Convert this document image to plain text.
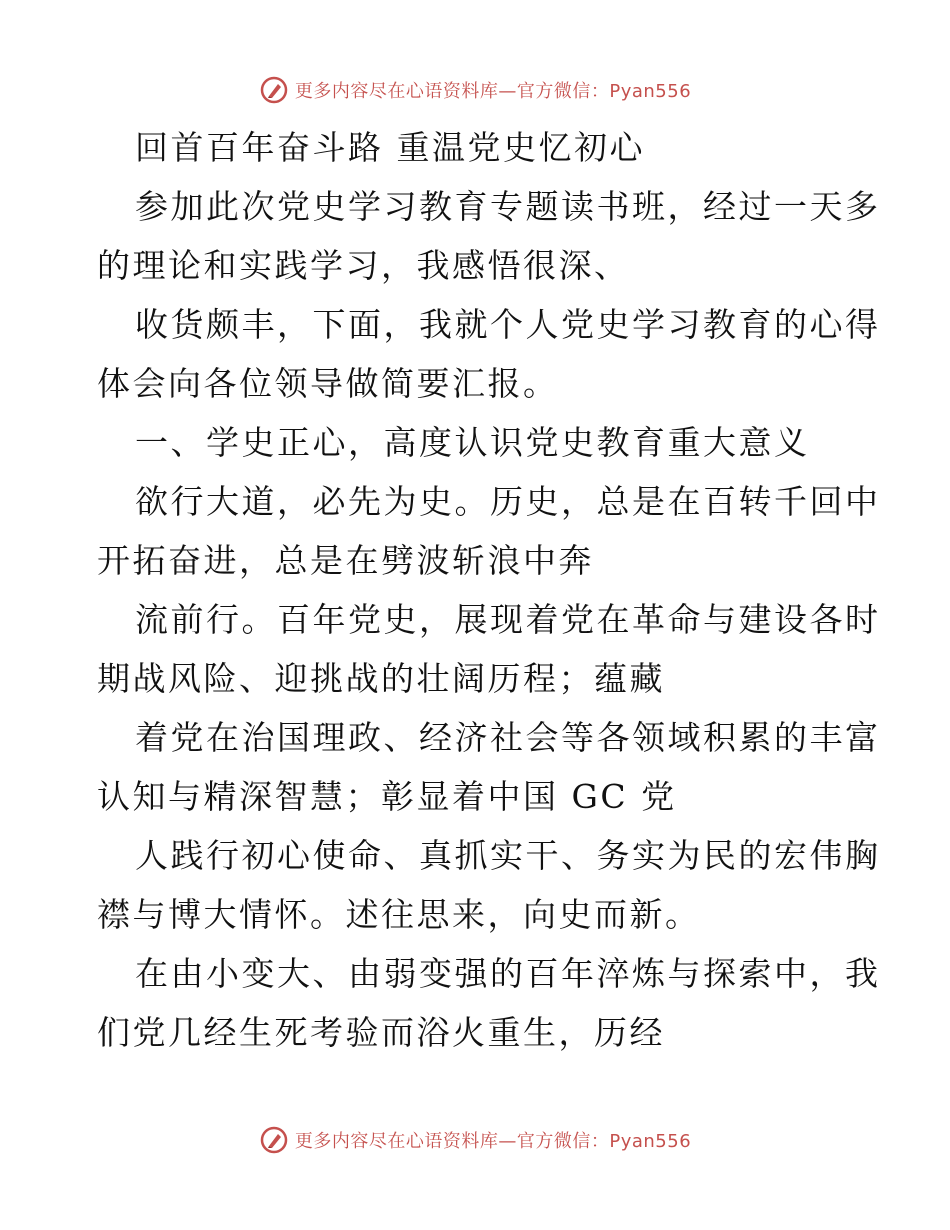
更多内容尽在心语资料库—官方微信：Pyan556
回首百年奋斗路 重温党史忆初心
参加此次党史学习教育专题读书班，经过一天多
的理论和实践学习，我感悟很深、
收货颇丰，下面，我就个人党史学习教育的心得
体会向各位领导做简要汇报。
一、学史正心，高度认识党史教育重大意义
欲行大道，必先为史。历史，总是在百转千回中
开拓奋进，总是在劈波斩浪中奔
流前行。百年党史，展现着党在革命与建设各时
期战风险、迎挑战的壮阔历程；蕴藏
着党在治国理政、经济社会等各领域积累的丰富
认知与精深智慧；彰显着中国 GC 党
人践行初心使命、真抓实干、务实为民的宏伟胸
襟与博大情怀。述往思来，向史而新。
在由小变大、由弱变强的百年淬炼与探索中，我
们党几经生死考验而浴火重生，历经
更多内容尽在心语资料库—官方微信：Pyan556
